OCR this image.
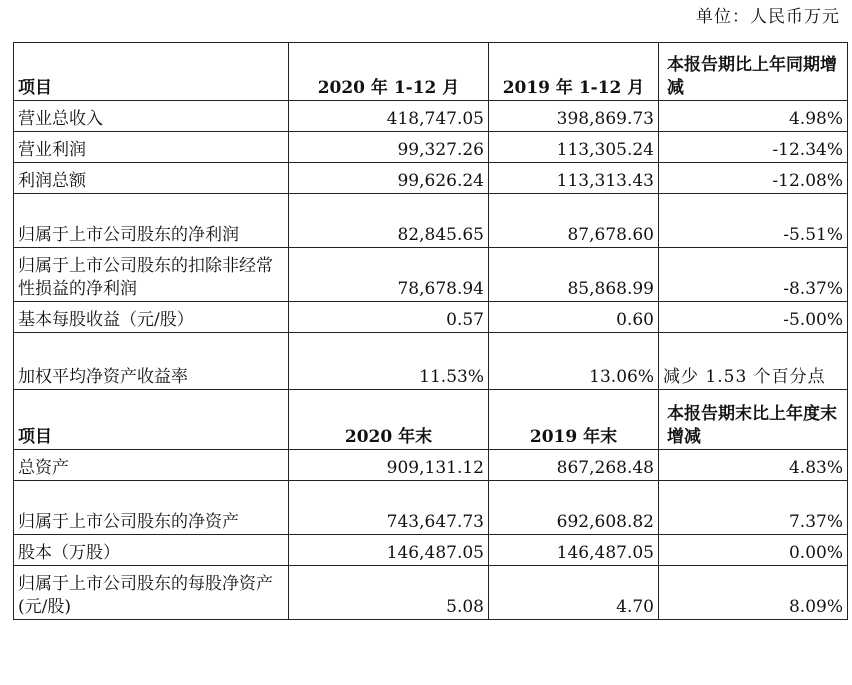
单位：人民币万元
项目	2020 年 1-12 月	2019 年 1-12 月	本报告期比上年同期增减
营业总收入	418,747.05	398,869.73	4.98%
营业利润	99,327.26	113,305.24	-12.34%
利润总额	99,626.24	113,313.43	-12.08%
归属于上市公司股东的净利润	82,845.65	87,678.60	-5.51%
归属于上市公司股东的扣除非经常性损益的净利润	78,678.94	85,868.99	-8.37%
基本每股收益（元/股）	0.57	0.60	-5.00%
加权平均净资产收益率	11.53%	13.06%	减少 1.53 个百分点
项目	2020 年末	2019 年末	本报告期末比上年度末增减
总资产	909,131.12	867,268.48	4.83%
归属于上市公司股东的净资产	743,647.73	692,608.82	7.37%
股本（万股）	146,487.05	146,487.05	0.00%
归属于上市公司股东的每股净资产(元/股)	5.08	4.70	8.09%
